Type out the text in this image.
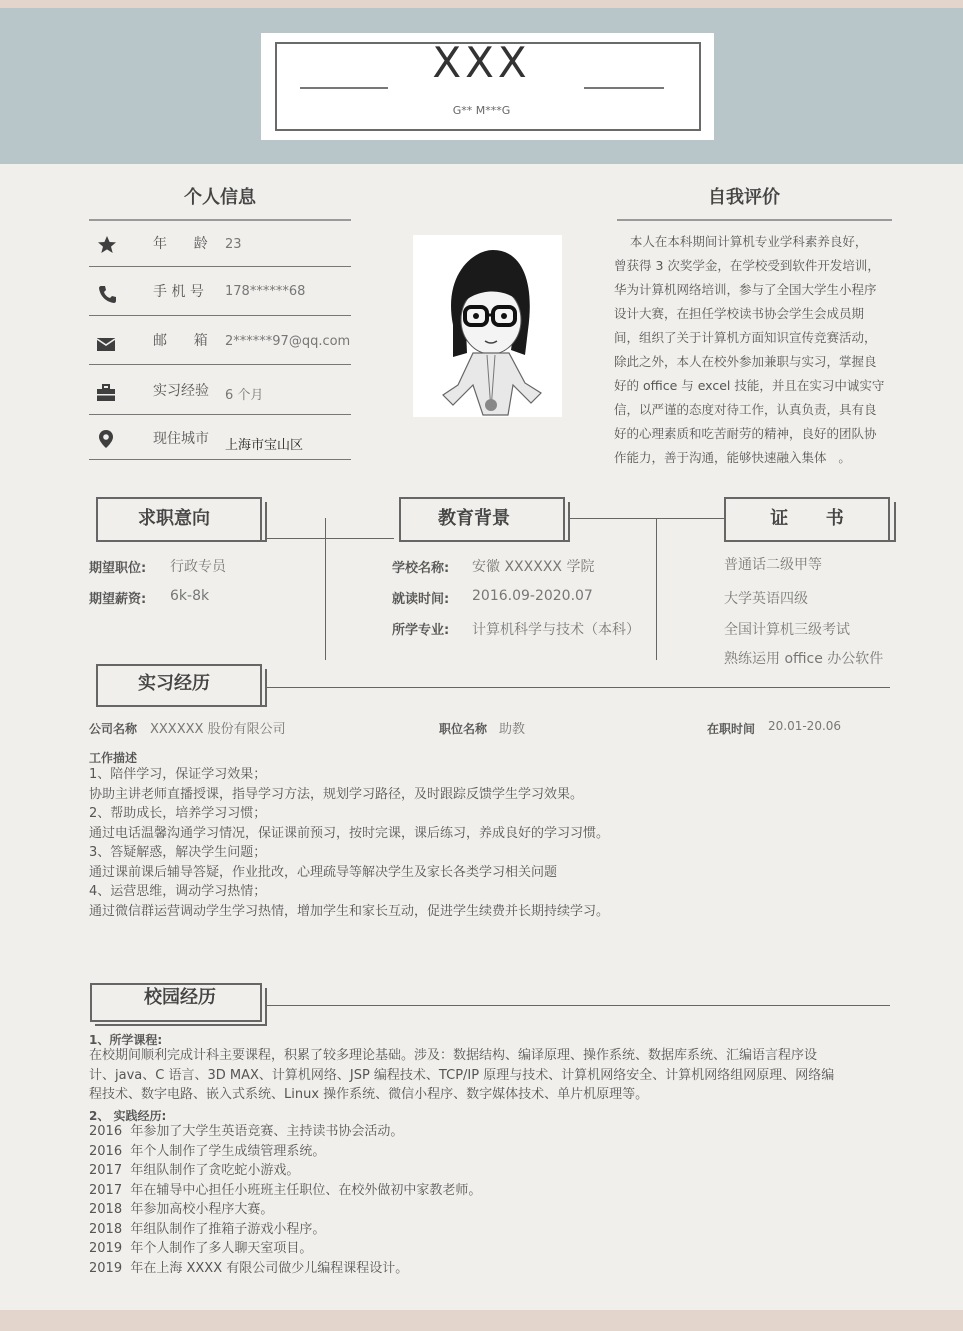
XXX
G** M***G
个人信息
年      龄 23
手 机 号 178******68
邮      箱 2******97@qq.com
实习经验 6 个月
现住城市 上海市宝山区
自我评价
本人在本科期间计算机专业学科素养良好，
曾获得 3 次奖学金，在学校受到软件开发培训，
华为计算机网络培训，参与了全国大学生小程序
设计大赛，在担任学校读书协会学生会成员期
间，组织了关于计算机方面知识宣传竞赛活动，
除此之外，本人在校外参加兼职与实习，掌握良
好的 office 与 excel 技能，并且在实习中诚实守
信，以严谨的态度对待工作，认真负责，具有良
好的心理素质和吃苦耐劳的精神，良好的团队协
作能力，善于沟通，能够快速融入集体   。
求职意向
期望职位: 行政专员
期望薪资: 6k-8k
教育背景
学校名称: 安徽 XXXXXX 学院
就读时间: 2016.09-2020.07
所学专业: 计算机科学与技术（本科）
证      书
普通话二级甲等
大学英语四级
全国计算机三级考试
熟练运用 office 办公软件
实习经历
公司名称 XXXXXX 股份有限公司	职位名称 助教	在职时间 20.01-20.06
工作描述
1、陪伴学习，保证学习效果；
协助主讲老师直播授课，指导学习方法，规划学习路径，及时跟踪反馈学生学习效果。
2、帮助成长，培养学习习惯；
通过电话温馨沟通学习情况，保证课前预习，按时完课，课后练习，养成良好的学习习惯。
3、答疑解惑，解决学生问题；
通过课前课后辅导答疑，作业批改，心理疏导等解决学生及家长各类学习相关问题
4、运营思维，调动学习热情；
通过微信群运营调动学生学习热情，增加学生和家长互动，促进学生续费并长期持续学习。
校园经历
1、所学课程:
在校期间顺利完成计科主要课程，积累了较多理论基础。涉及：数据结构、编译原理、操作系统、数据库系统、汇编语言程序设
计、java、C 语言、3D MAX、计算机网络、JSP 编程技术、TCP/IP 原理与技术、计算机网络安全、计算机网络组网原理、网络编
程技术、数字电路、嵌入式系统、Linux 操作系统、微信小程序、数字媒体技术、单片机原理等。
2、 实践经历:
2016  年参加了大学生英语竞赛、主持读书协会活动。
2016  年个人制作了学生成绩管理系统。
2017  年组队制作了贪吃蛇小游戏。
2017  年在辅导中心担任小班班主任职位、在校外做初中家教老师。
2018  年参加高校小程序大赛。
2018  年组队制作了推箱子游戏小程序。
2019  年个人制作了多人聊天室项目。
2019  年在上海 XXXX 有限公司做少儿编程课程设计。
